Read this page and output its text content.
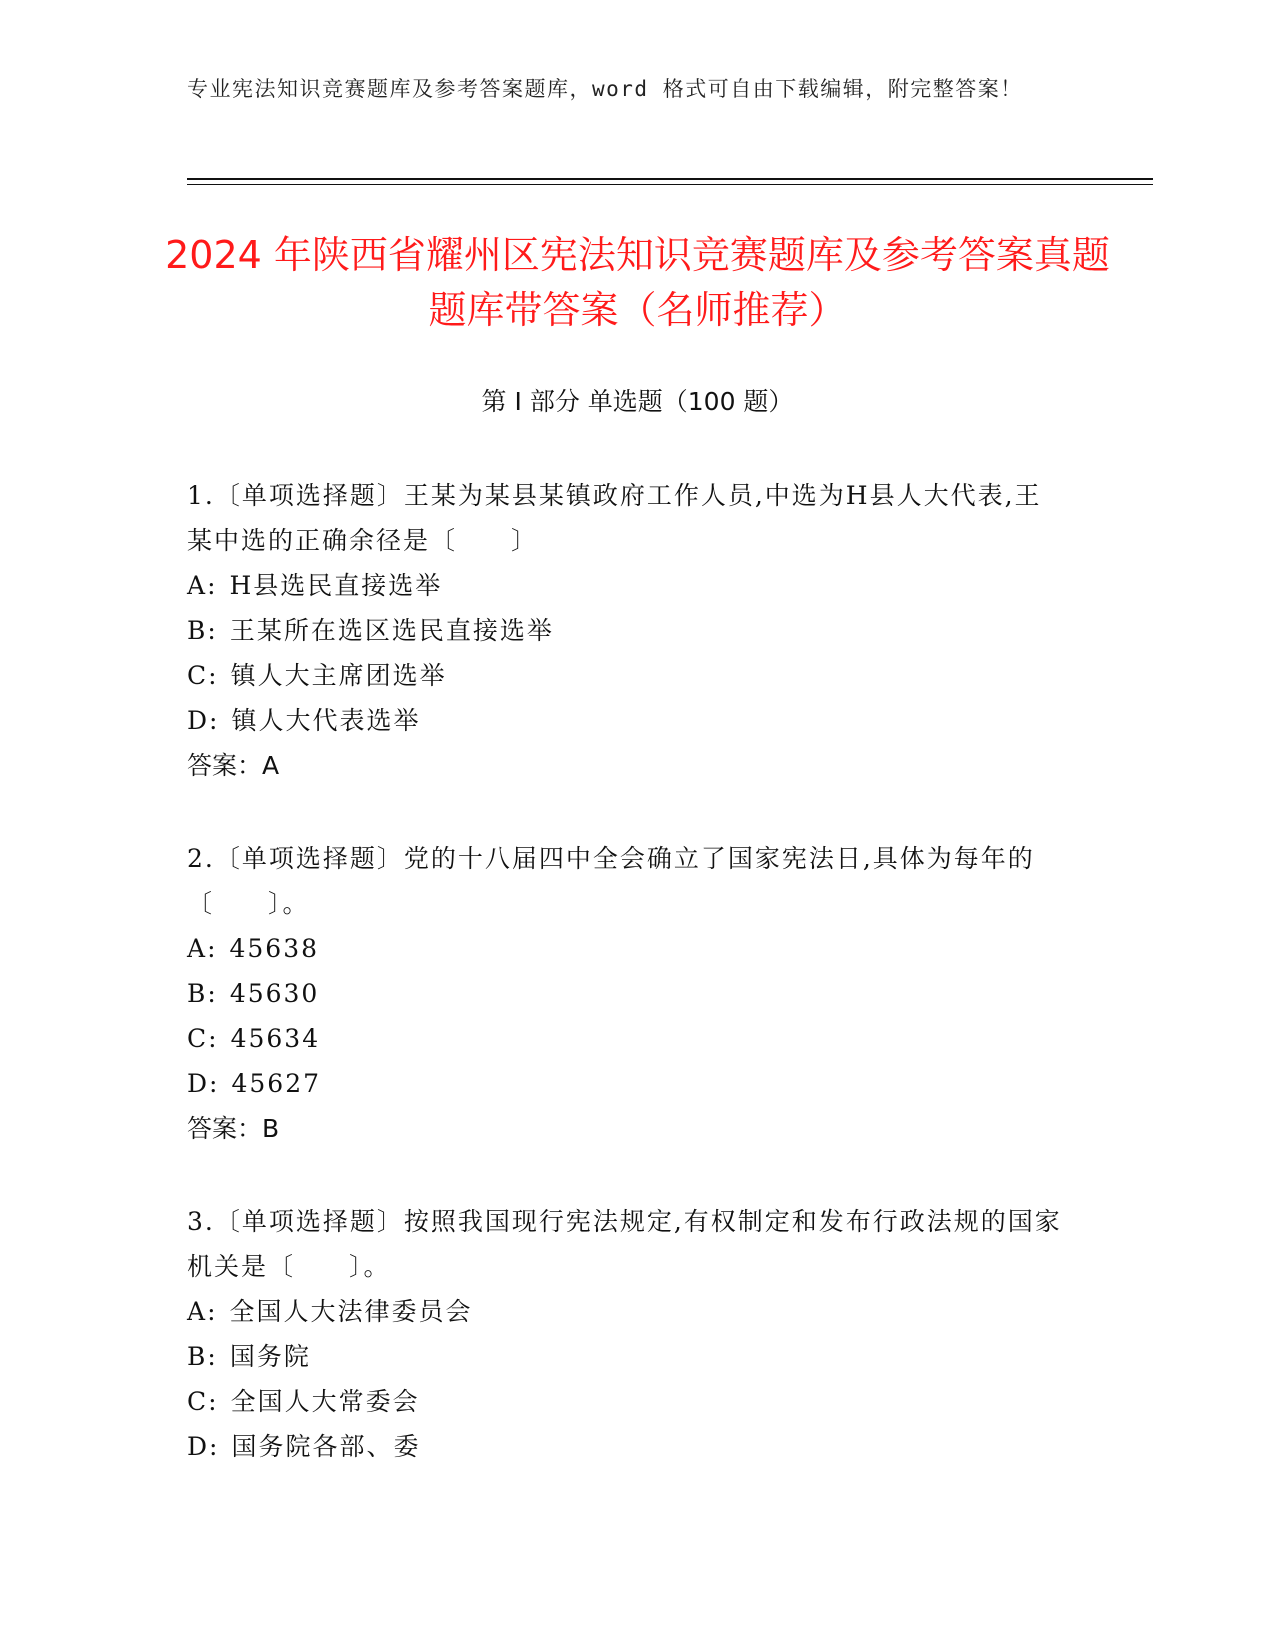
专业宪法知识竞赛题库及参考答案题库，word 格式可自由下载编辑，附完整答案！
2024 年陕西省耀州区宪法知识竞赛题库及参考答案真题题库带答案（名师推荐）
第 I 部分 单选题（100 题）
1.〔单项选择题〕王某为某县某镇政府工作人员,中选为H县人大代表,王某中选的正确余径是〔　　〕
A: H县选民直接选举
B: 王某所在选区选民直接选举
C: 镇人大主席团选举
D: 镇人大代表选举
答案：A
2.〔单项选择题〕党的十八届四中全会确立了国家宪法日,具体为每年的〔　　〕。
A: 45638
B: 45630
C: 45634
D: 45627
答案：B
3.〔单项选择题〕按照我国现行宪法规定,有权制定和发布行政法规的国家机关是〔　　〕。
A: 全国人大法律委员会
B: 国务院
C: 全国人大常委会
D: 国务院各部、委
